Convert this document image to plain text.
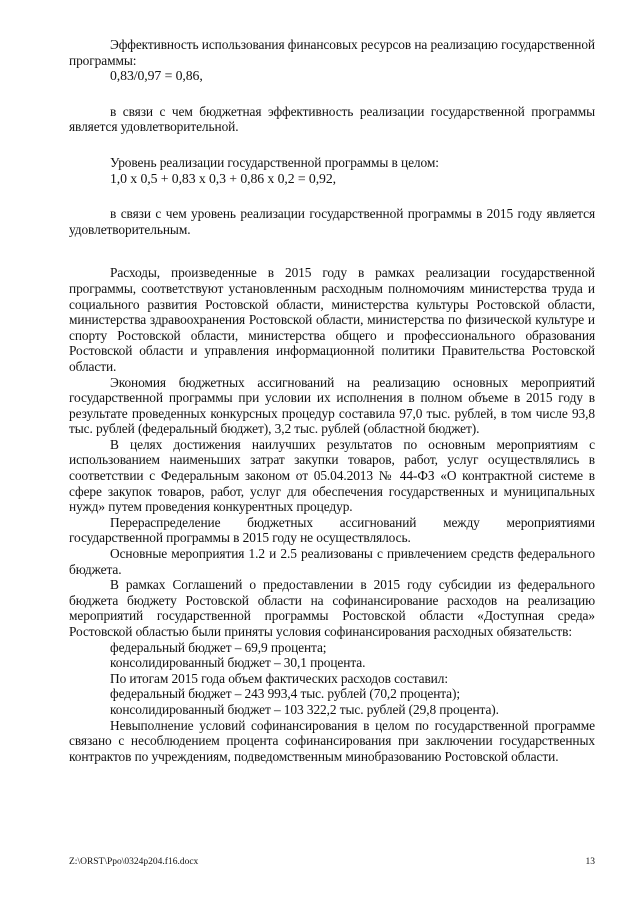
Эффективность использования финансовых ресурсов на реализацию государственной программы:

0,83/0,97 = 0,86,

в связи с чем бюджетная эффективность реализации государственной программы является удовлетворительной.

Уровень реализации государственной программы в целом:

1,0 х 0,5 + 0,83 х 0,3 + 0,86 х 0,2 = 0,92,

в связи с чем уровень реализации государственной программы в 2015 году является удовлетворительным.

Расходы, произведенные в 2015 году в рамках реализации государственной программы, соответствуют установленным расходным полномочиям министерства труда и социального развития Ростовской области, министерства культуры Ростовской области, министерства здравоохранения Ростовской области, министерства по физической культуре и спорту Ростовской области, министерства общего и профессионального образования Ростовской области и управления информационной политики Правительства Ростовской области.

Экономия бюджетных ассигнований на реализацию основных мероприятий государственной программы при условии их исполнения в полном объеме в 2015 году в результате проведенных конкурсных процедур составила 97,0 тыс. рублей, в том числе 93,8 тыс. рублей (федеральный бюджет), 3,2 тыс. рублей (областной бюджет).

В целях достижения наилучших результатов по основным мероприятиям с использованием наименьших затрат закупки товаров, работ, услуг осуществлялись в соответствии с Федеральным законом от 05.04.2013 № 44-ФЗ «О контрактной системе в сфере закупок товаров, работ, услуг для обеспечения государственных и муниципальных нужд» путем проведения конкурентных процедур.

Перераспределение бюджетных ассигнований между мероприятиями государственной программы в 2015 году не осуществлялось.

Основные мероприятия 1.2 и 2.5 реализованы с привлечением средств федерального бюджета.

В рамках Соглашений о предоставлении в 2015 году субсидии из федерального бюджета бюджету Ростовской области на софинансирование расходов на реализацию мероприятий государственной программы Ростовской области «Доступная среда» Ростовской областью были приняты условия софинансирования расходных обязательств:

федеральный бюджет – 69,9 процента;

консолидированный бюджет – 30,1 процента.

По итогам 2015 года объем фактических расходов составил:

федеральный бюджет – 243 993,4 тыс. рублей (70,2 процента);

консолидированный бюджет – 103 322,2 тыс. рублей (29,8 процента).

Невыполнение условий софинансирования в целом по государственной программе связано с несоблюдением процента софинансирования при заключении государственных контрактов по учреждениям, подведомственным минобразованию Ростовской области.

Z:\ORST\Ppo\0324p204.f16.docx	13
